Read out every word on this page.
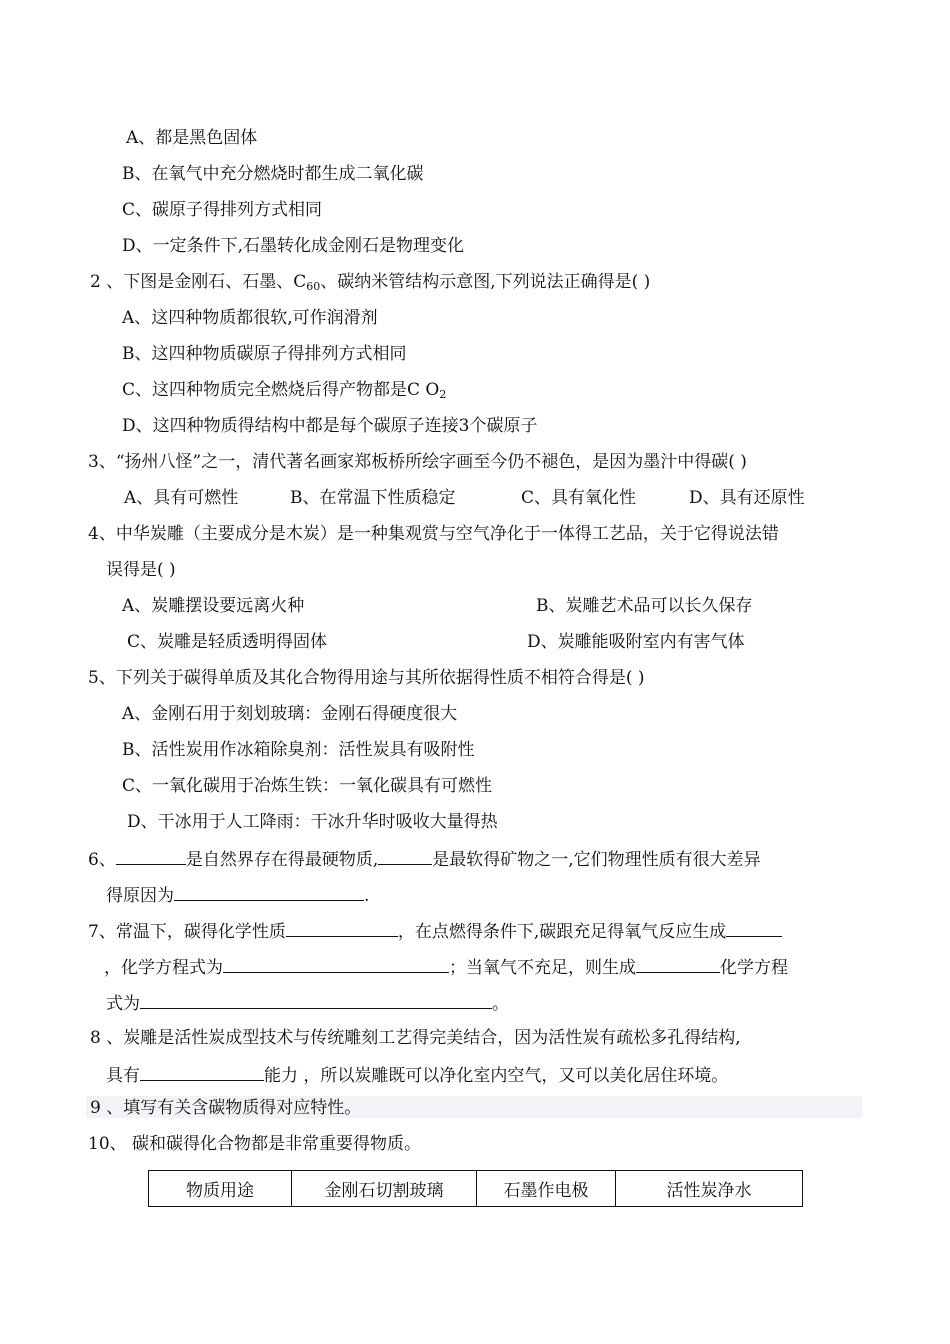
A、都是黑色固体
B、在氧气中充分燃烧时都生成二氧化碳
C、碳原子得排列方式相同
D、一定条件下,石墨转化成金刚石是物理变化
2 、下图是金刚石、石墨、$C_{60}$、碳纳米管结构示意图,下列说法正确得是( )
A、这四种物质都很软,可作润滑剂
B、这四种物质碳原子得排列方式相同
C、这四种物质完全燃烧后得产物都是C $O_2$
D、这四种物质得结构中都是每个碳原子连接3个碳原子
3、“扬州八怪”之一，清代著名画家郑板桥所绘字画至今仍不褪色，是因为墨汁中得碳( )
A、具有可燃性	B、在常温下性质稳定	C、具有氧化性	D、具有还原性
4、中华炭雕（主要成分是木炭）是一种集观赏与空气净化于一体得工艺品，关于它得说法错
误得是( )
A、炭雕摆设要远离火种	B、炭雕艺术品可以长久保存
C、炭雕是轻质透明得固体	D、炭雕能吸附室内有害气体
5、下列关于碳得单质及其化合物得用途与其所依据得性质不相符合得是( )
A、金刚石用于刻划玻璃：金刚石得硬度很大
B、活性炭用作冰箱除臭剂：活性炭具有吸附性
C、一氧化碳用于冶炼生铁：一氧化碳具有可燃性
D、干冰用于人工降雨：干冰升华时吸收大量得热
6、	是自然界存在得最硬物质,	是最软得矿物之一,它们物理性质有很大差异
得原因为	.
7、常温下，碳得化学性质	，在点燃得条件下,碳跟充足得氧气反应生成
，化学方程式为	；当氧气不充足，则生成	化学方程
式为	。
8 、炭雕是活性炭成型技术与传统雕刻工艺得完美结合，因为活性炭有疏松多孔得结构,
具有	能力 ，所以炭雕既可以净化室内空气，又可以美化居住环境。
9 、填写有关含碳物质得对应特性。
10、 碳和碳得化合物都是非常重要得物质。
物质用途	金刚石切割玻璃	石墨作电极	活性炭净水
